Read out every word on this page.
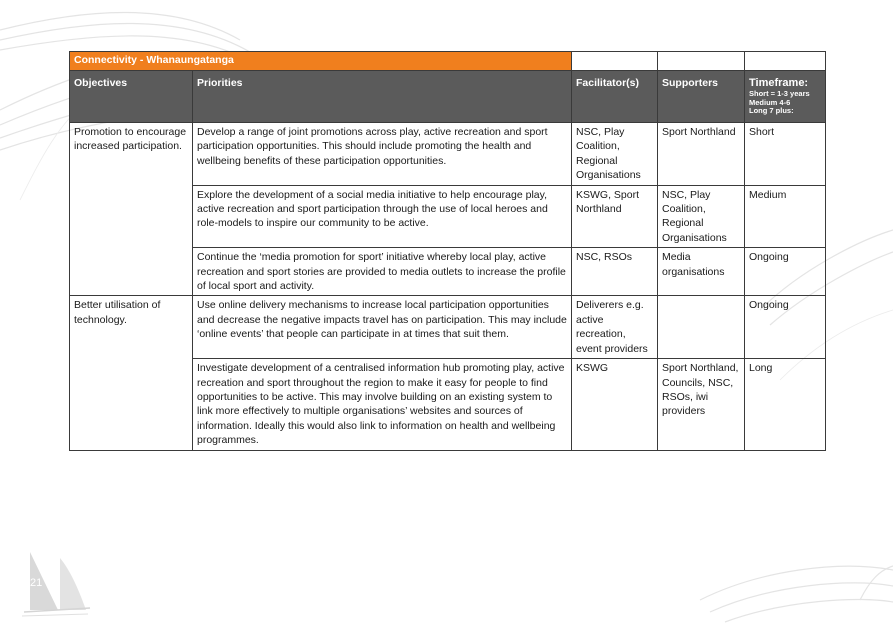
21
Connectivity - Whanaungatanga				
Objectives	Priorities	Facilitator(s)	Supporters	Timeframe:
Short = 1-3 years
Medium 4-6
Long 7 plus:

Promotion to encourage increased participation.	Develop a range of joint promotions across play, active recreation and sport participation opportunities. This should include promoting the health and wellbeing benefits of these participation opportunities.	NSC, Play Coalition, Regional Organisations	Sport Northland	Short
	Explore the development of a social media initiative to help encourage play, active recreation and sport participation through the use of local heroes and role-models to inspire our community to be active.	KSWG, Sport Northland	NSC, Play Coalition, Regional Organisations	Medium
	Continue the ‘media promotion for sport’ initiative whereby local play, active recreation and sport stories are provided to media outlets to increase the profile of local sport and activity.	NSC, RSOs	Media organisations	Ongoing
Better utilisation of technology.	Use online delivery mechanisms to increase local participation opportunities and decrease the negative impacts travel has on participation. This may include ‘online events’ that people can participate in at times that suit them.	Deliverers e.g. active recreation, event providers		Ongoing
	Investigate development of a centralised information hub promoting play, active recreation and sport throughout the region to make it easy for people to find opportunities to be active. This may involve building on an existing system to link more effectively to multiple organisations’ websites and sources of information. Ideally this would also link to information on health and wellbeing programmes.	KSWG	Sport Northland, Councils, NSC, RSOs, iwi providers	Long
